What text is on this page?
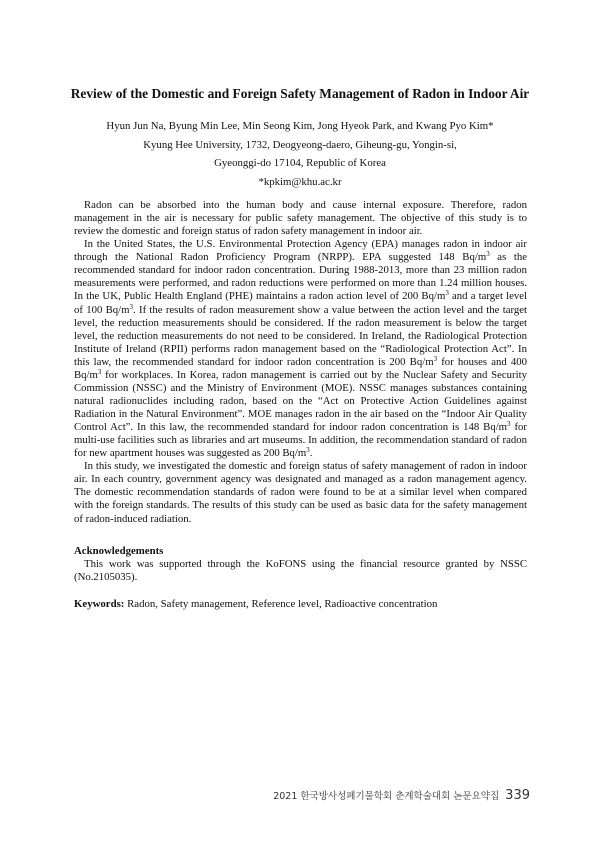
Review of the Domestic and Foreign Safety Management of Radon in Indoor Air
Hyun Jun Na, Byung Min Lee, Min Seong Kim, Jong Hyeok Park, and Kwang Pyo Kim*
Kyung Hee University, 1732, Deogyeong-daero, Giheung-gu, Yongin-si,
Gyeonggi-do 17104, Republic of Korea
*kpkim@khu.ac.kr

Radon can be absorbed into the human body and cause internal exposure. Therefore, radon management in the air is necessary for public safety management. The objective of this study is to review the domestic and foreign status of radon safety management in indoor air.

In the United States, the U.S. Environmental Protection Agency (EPA) manages radon in indoor air through the National Radon Proficiency Program (NRPP). EPA suggested 148 $Bq/m^3$ as the recommended standard for indoor radon concentration. During 1988-2013, more than 23 million radon measurements were performed, and radon reductions were performed on more than 1.24 million houses. In the UK, Public Health England (PHE) maintains a radon action level of 200 $Bq/m^3$ and a target level of 100 $Bq/m^3$. If the results of radon measurement show a value between the action level and the target level, the reduction measurements should be considered. If the radon measurement is below the target level, the reduction measurements do not need to be considered. In Ireland, the Radiological Protection Institute of Ireland (RPII) performs radon management based on the “Radiological Protection Act”. In this law, the recommended standard for indoor radon concentration is 200 $Bq/m^3$ for houses and 400 $Bq/m^3$ for workplaces. In Korea, radon management is carried out by the Nuclear Safety and Security Commission (NSSC) and the Ministry of Environment (MOE). NSSC manages substances containing natural radionuclides including radon, based on the “Act on Protective Action Guidelines against Radiation in the Natural Environment”. MOE manages radon in the air based on the “Indoor Air Quality Control Act”. In this law, the recommended standard for indoor radon concentration is 148 $Bq/m^3$ for multi-use facilities such as libraries and art museums. In addition, the recommendation standard of radon for new apartment houses was suggested as 200 $Bq/m^3$.

In this study, we investigated the domestic and foreign status of safety management of radon in indoor air. In each country, government agency was designated and managed as a radon management agency. The domestic recommendation standards of radon were found to be at a similar level when compared with the foreign standards. The results of this study can be used as basic data for the safety management of radon-induced radiation.

Acknowledgements
This work was supported through the KoFONS using the financial resource granted by NSSC (No.2105035).
Keywords: Radon, Safety management, Reference level, Radioactive concentration
2021 한국방사성폐기물학회 춘계학술대회 논문요약집 339
